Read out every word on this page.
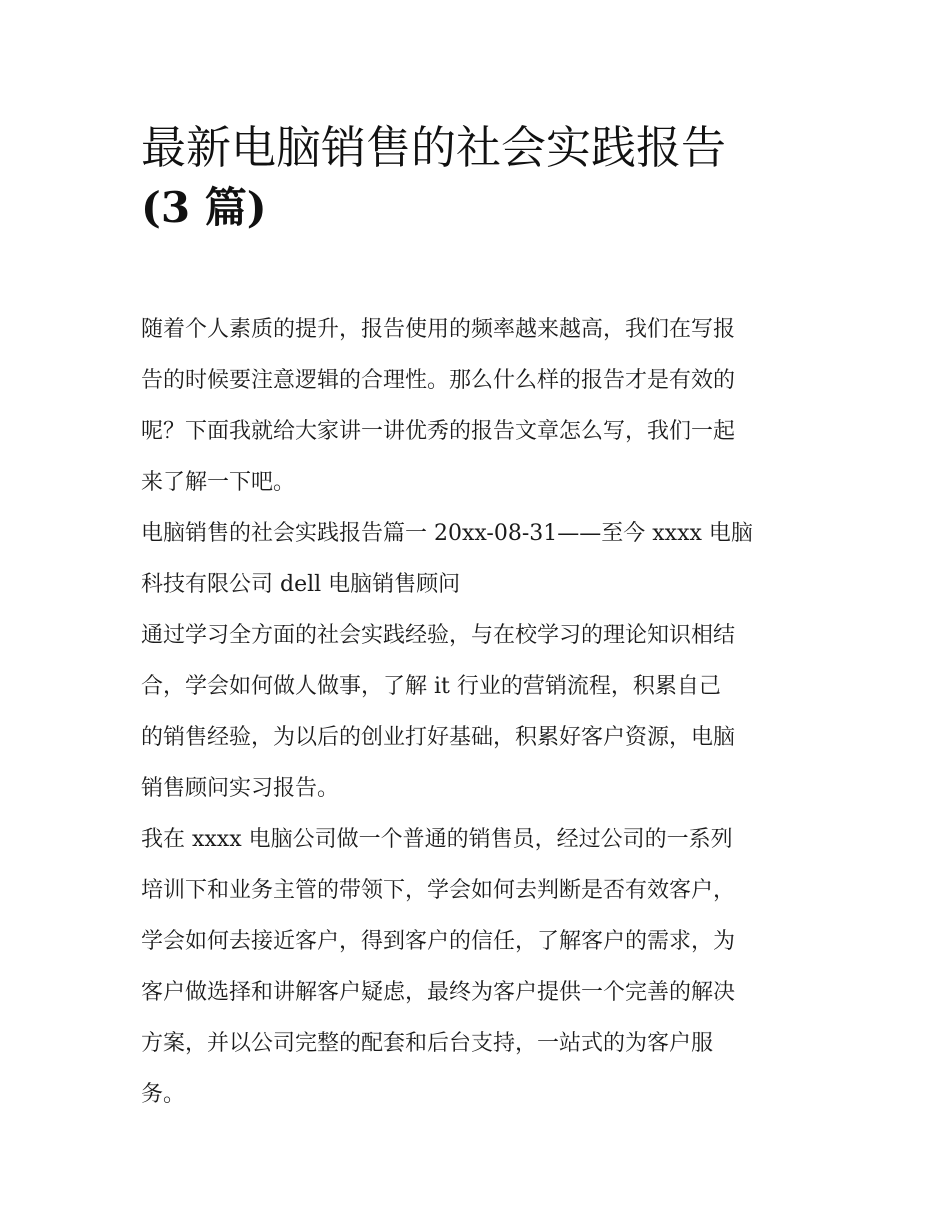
最新电脑销售的社会实践报告
(3 篇)

随着个人素质的提升，报告使用的频率越来越高，我们在写报
告的时候要注意逻辑的合理性。那么什么样的报告才是有效的
呢？下面我就给大家讲一讲优秀的报告文章怎么写，我们一起
来了解一下吧。

电脑销售的社会实践报告篇一 20xx-08-31——至今 xxxx 电脑
科技有限公司 dell 电脑销售顾问

通过学习全方面的社会实践经验，与在校学习的理论知识相结
合，学会如何做人做事，了解 it 行业的营销流程，积累自己
的销售经验，为以后的创业打好基础，积累好客户资源，电脑
销售顾问实习报告。

我在 xxxx 电脑公司做一个普通的销售员，经过公司的一系列
培训下和业务主管的带领下，学会如何去判断是否有效客户，
学会如何去接近客户，得到客户的信任，了解客户的需求，为
客户做选择和讲解客户疑虑，最终为客户提供一个完善的解决
方案，并以公司完整的配套和后台支持，一站式的为客户服
务。
